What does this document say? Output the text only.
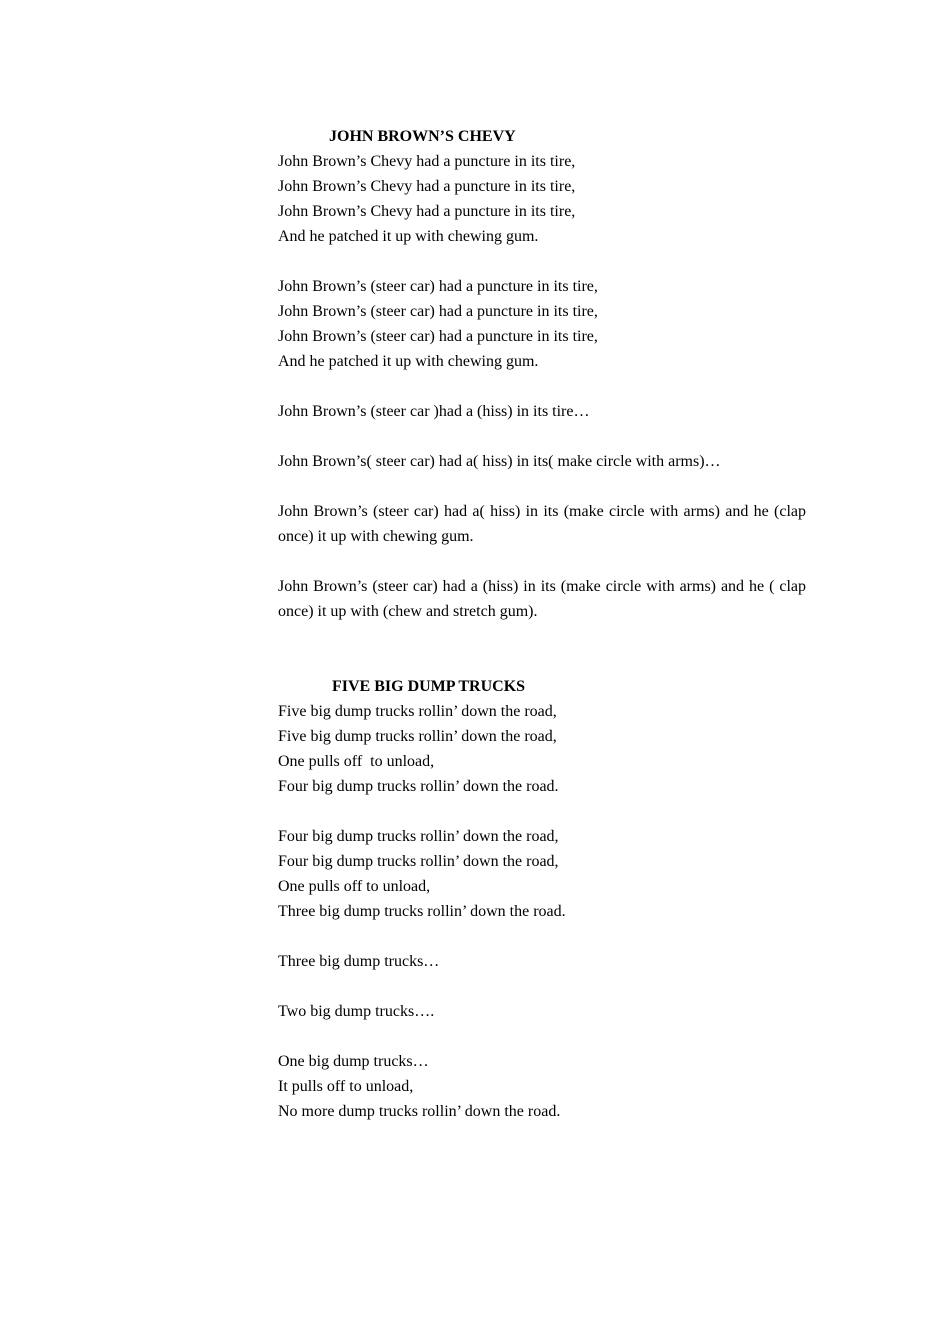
JOHN BROWN’S CHEVY

John Brown’s Chevy had a puncture in its tire,

John Brown’s Chevy had a puncture in its tire,

John Brown’s Chevy had a puncture in its tire,

And he patched it up with chewing gum.

John Brown’s (steer car) had a puncture in its tire,

John Brown’s (steer car) had a puncture in its tire,

John Brown’s (steer car) had a puncture in its tire,

And he patched it up with chewing gum.

John Brown’s (steer car )had a (hiss) in its tire…

John Brown’s( steer car) had a( hiss) in its( make circle with arms)…

John Brown’s (steer car) had a( hiss) in its (make circle with arms) and he (clap once) it up with chewing gum.

John Brown’s (steer car) had a (hiss) in its (make circle with arms) and he ( clap once) it up with (chew and stretch gum).

FIVE BIG DUMP TRUCKS

Five big dump trucks rollin’ down the road,

Five big dump trucks rollin’ down the road,

One pulls off  to unload,

Four big dump trucks rollin’ down the road.

Four big dump trucks rollin’ down the road,

Four big dump trucks rollin’ down the road,

One pulls off to unload,

Three big dump trucks rollin’ down the road.

Three big dump trucks…

Two big dump trucks….

One big dump trucks…

It pulls off to unload,

No more dump trucks rollin’ down the road.
